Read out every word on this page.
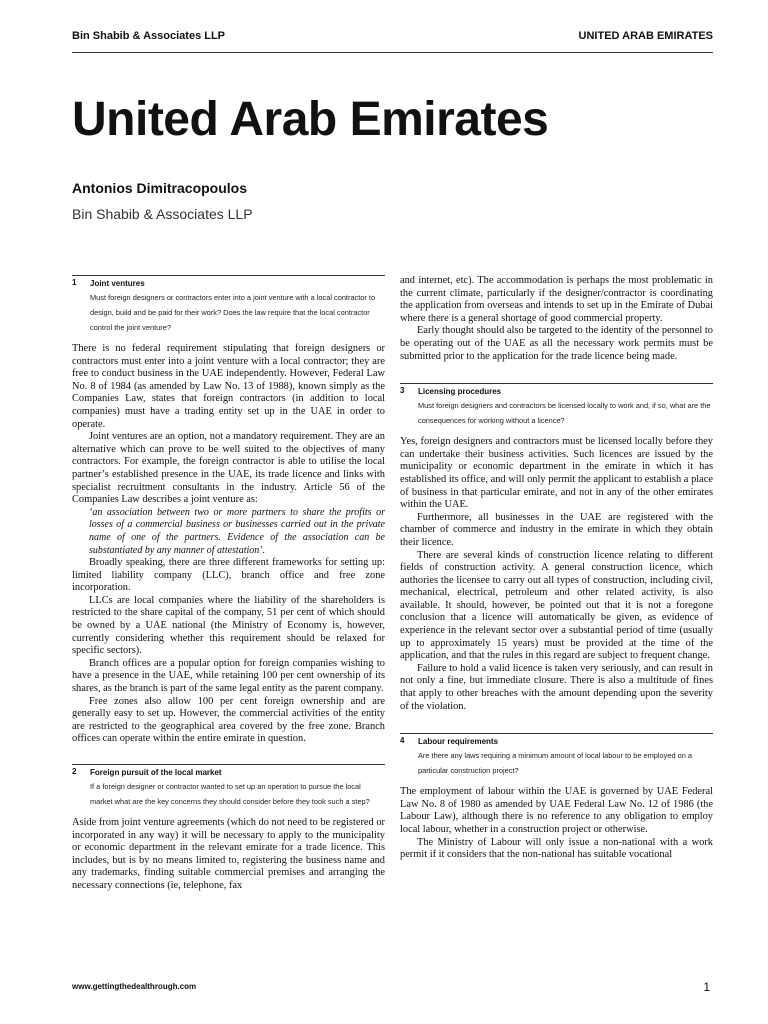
Bin Shabib & Associates LLP	UNITED ARAB EMIRATES
United Arab Emirates
Antonios Dimitracopoulos
Bin Shabib & Associates LLP
1 Joint ventures
Must foreign designers or contractors enter into a joint venture with a local contractor to design, build and be paid for their work? Does the law require that the local contractor control the joint venture?

There is no federal requirement stipulating that foreign designers or contractors must enter into a joint venture with a local contractor; they are free to conduct business in the UAE independently. However, Federal Law No. 8 of 1984 (as amended by Law No. 13 of 1988), known simply as the Companies Law, states that foreign contractors (in addition to local companies) must have a trading entity set up in the UAE in order to operate.

Joint ventures are an option, not a mandatory requirement. They are an alternative which can prove to be well suited to the objectives of many contractors. For example, the foreign contractor is able to utilise the local partner’s established presence in the UAE, its trade licence and links with specialist recruitment consultants in the industry. Article 56 of the Companies Law describes a joint venture as:

‘an association between two or more partners to share the profits or losses of a commercial business or businesses carried out in the private name of one of the partners. Evidence of the association can be substantiated by any manner of attestation’.

Broadly speaking, there are three different frameworks for setting up: limited liability company (LLC), branch office and free zone incorporation.

LLCs are local companies where the liability of the shareholders is restricted to the share capital of the company, 51 per cent of which should be owned by a UAE national (the Ministry of Economy is, however, currently considering whether this requirement should be relaxed for specific sectors).

Branch offices are a popular option for foreign companies wishing to have a presence in the UAE, while retaining 100 per cent ownership of its shares, as the branch is part of the same legal entity as the parent company.

Free zones also allow 100 per cent foreign ownership and are generally easy to set up. However, the commercial activities of the entity are restricted to the geographical area covered by the free zone. Branch offices can operate within the entire emirate in question.

2 Foreign pursuit of the local market
If a foreign designer or contractor wanted to set up an operation to pursue the local market what are the key concerns they should consider before they took such a step?

Aside from joint venture agreements (which do not need to be registered or incorporated in any way) it will be necessary to apply to the municipality or economic department in the relevant emirate for a trade licence. This includes, but is by no means limited to, registering the business name and any trademarks, finding suitable commercial premises and arranging the necessary connections (ie, telephone, fax

and internet, etc). The accommodation is perhaps the most problematic in the current climate, particularly if the designer/contractor is coordinating the application from overseas and intends to set up in the Emirate of Dubai where there is a general shortage of good commercial property.

Early thought should also be targeted to the identity of the personnel to be operating out of the UAE as all the necessary work permits must be submitted prior to the application for the trade licence being made.

3 Licensing procedures
Must foreign designers and contractors be licensed locally to work and, if so, what are the consequences for working without a licence?

Yes, foreign designers and contractors must be licensed locally before they can undertake their business activities. Such licences are issued by the municipality or economic department in the emirate in which it has established its office, and will only permit the applicant to establish a place of business in that particular emirate, and not in any of the other emirates within the UAE.

Furthermore, all businesses in the UAE are registered with the chamber of commerce and industry in the emirate in which they obtain their licence.

There are several kinds of construction licence relating to different fields of construction activity. A general construction licence, which authories the licensee to carry out all types of construction, including civil, mechanical, electrical, petroleum and other related activity, is also available. It should, however, be pointed out that it is not a foregone conclusion that a licence will automatically be given, as evidence of experience in the relevant sector over a substantial period of time (usually up to approximately 15 years) must be provided at the time of the application, and that the rules in this regard are subject to frequent change.

Failure to hold a valid licence is taken very seriously, and can result in not only a fine, but immediate closure. There is also a multitude of fines that apply to other breaches with the amount depending upon the severity of the violation.

4 Labour requirements
Are there any laws requiring a minimum amount of local labour to be employed on a particular construction project?

The employment of labour within the UAE is governed by UAE Federal Law No. 8 of 1980 as amended by UAE Federal Law No. 12 of 1986 (the Labour Law), although there is no reference to any obligation to employ local labour, whether in a construction project or otherwise.

The Ministry of Labour will only issue a non-national with a work permit if it considers that the non-national has suitable vocational

www.gettingthedealthrough.com	1
